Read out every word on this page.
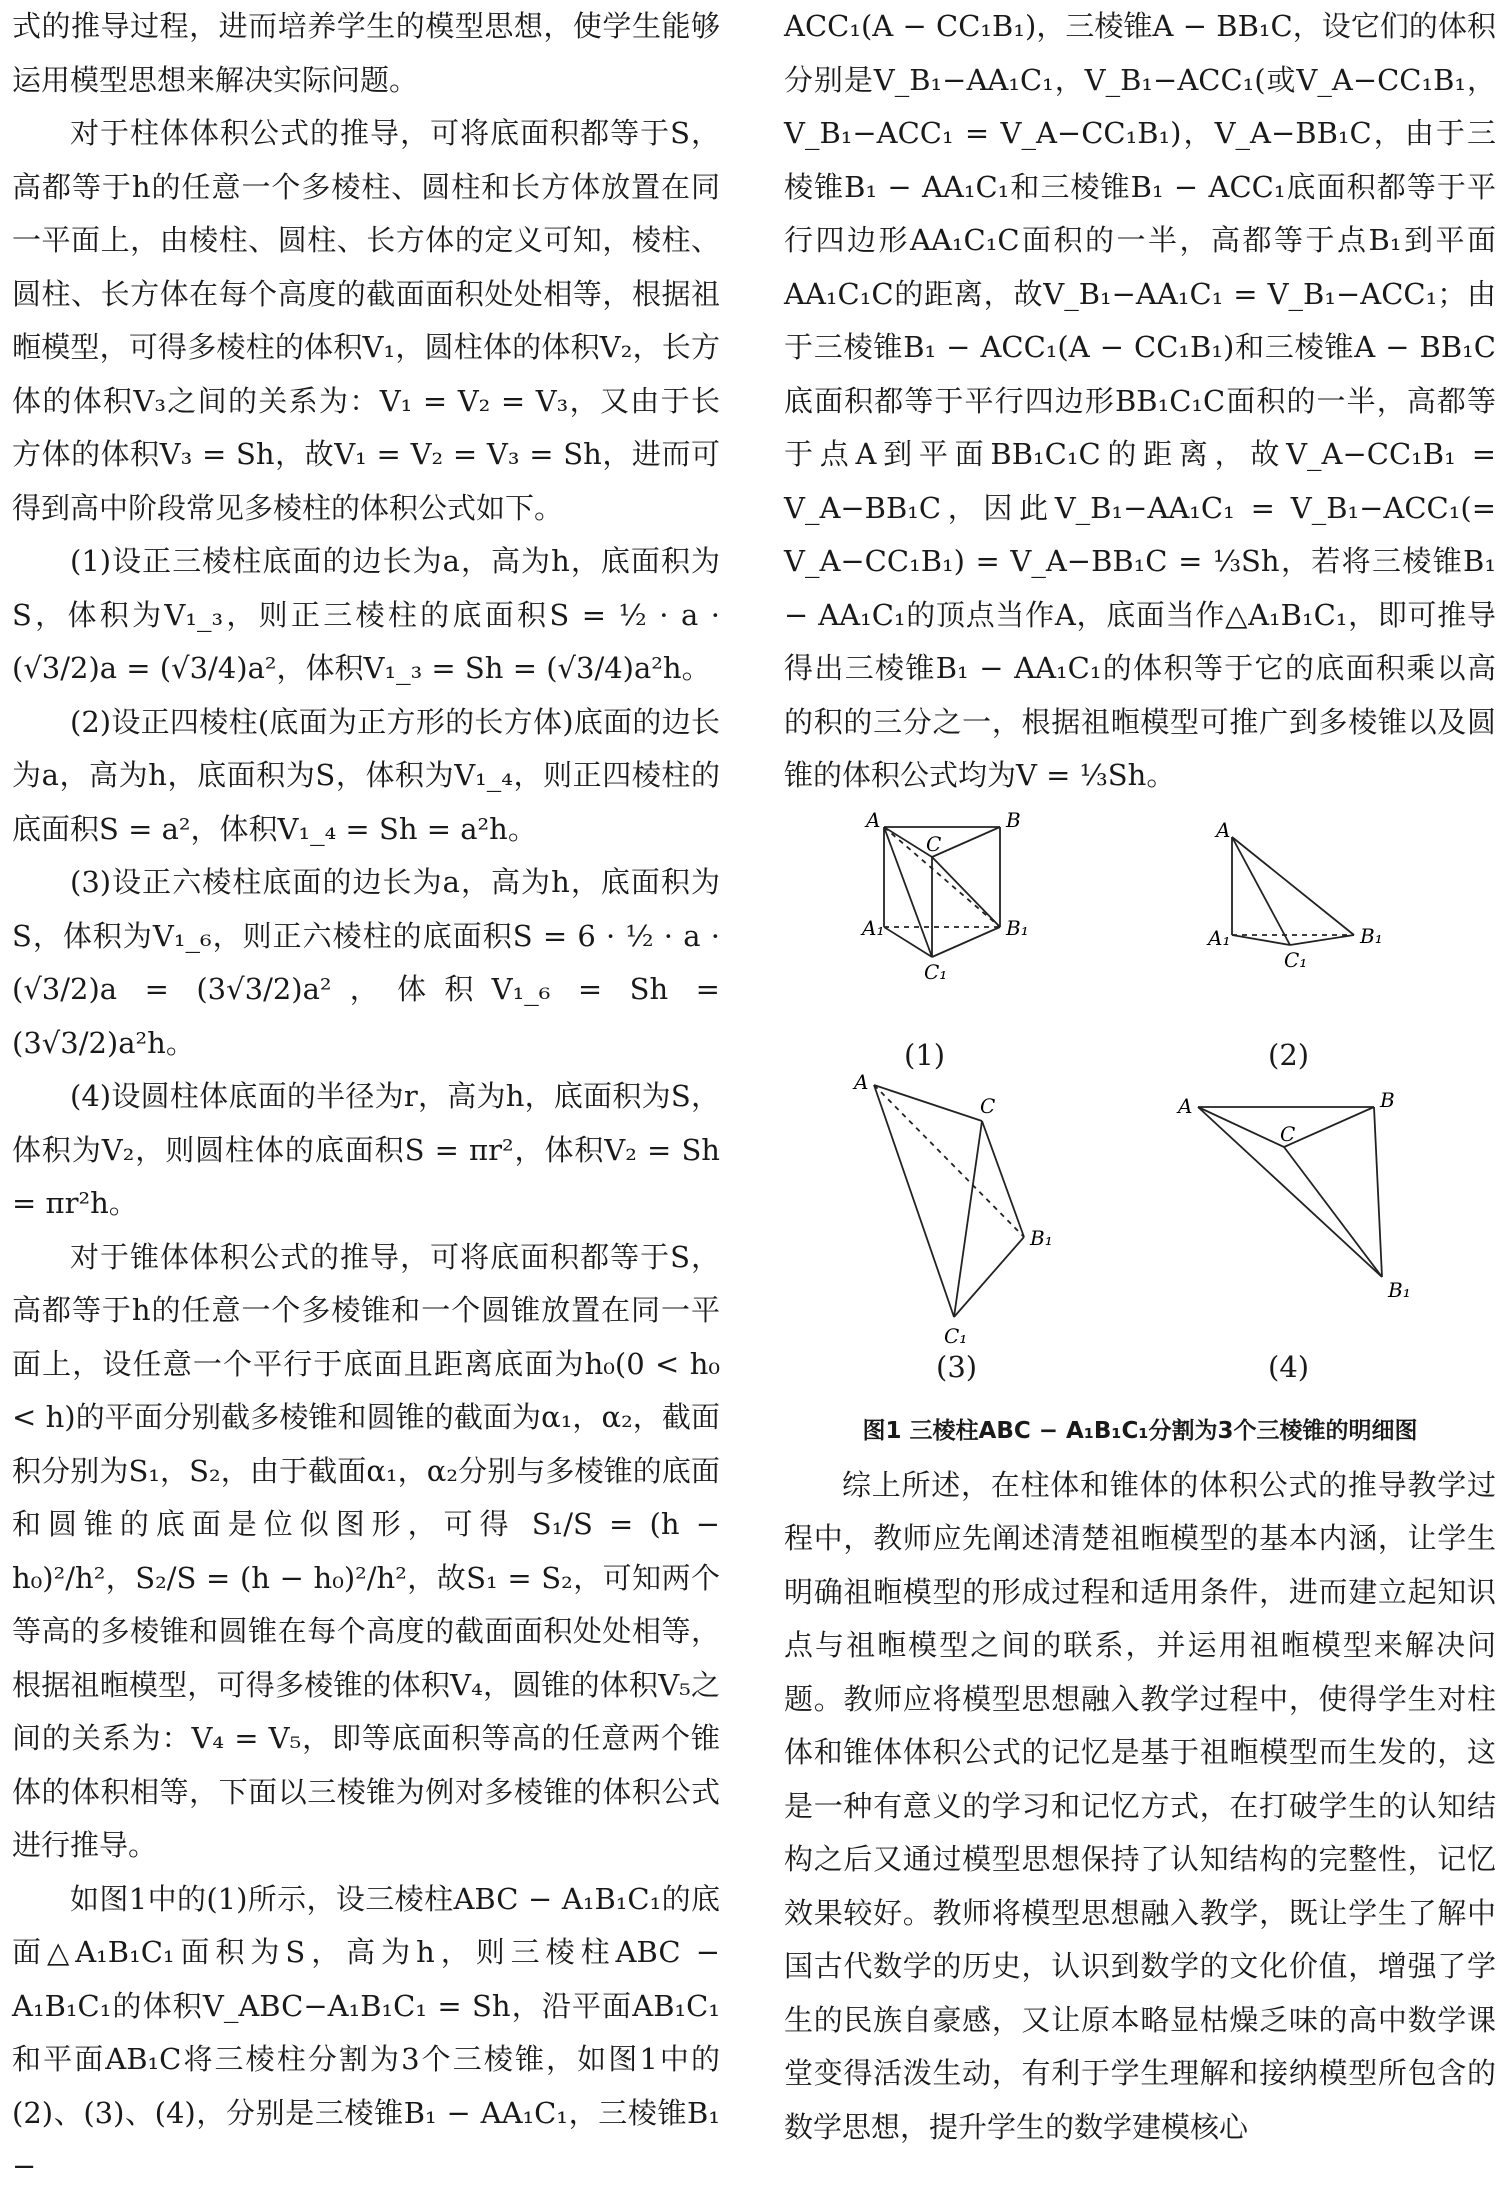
式的推导过程，进而培养学生的模型思想，使学生能够运用模型思想来解决实际问题。

对于柱体体积公式的推导，可将底面积都等于S，高都等于h的任意一个多棱柱、圆柱和长方体放置在同一平面上，由棱柱、圆柱、长方体的定义可知，棱柱、圆柱、长方体在每个高度的截面面积处处相等，根据祖暅模型，可得多棱柱的体积V₁，圆柱体的体积V₂，长方体的体积V₃之间的关系为：V₁ = V₂ = V₃，又由于长方体的体积V₃ = Sh，故V₁ = V₂ = V₃ = Sh，进而可得到高中阶段常见多棱柱的体积公式如下。

(1)设正三棱柱底面的边长为a，高为h，底面积为S，体积为V₁_₃，则正三棱柱的底面积S = ½ · a · (√3/2)a = (√3/4)a²，体积V₁_₃ = Sh = (√3/4)a²h。

(2)设正四棱柱(底面为正方形的长方体)底面的边长为a，高为h，底面积为S，体积为V₁_₄，则正四棱柱的底面积S = a²，体积V₁_₄ = Sh = a²h。

(3)设正六棱柱底面的边长为a，高为h，底面积为S，体积为V₁_₆，则正六棱柱的底面积S = 6 · ½ · a · (√3/2)a = (3√3/2)a²，体积V₁_₆ = Sh = (3√3/2)a²h。

(4)设圆柱体底面的半径为r，高为h，底面积为S，体积为V₂，则圆柱体的底面积S = πr²，体积V₂ = Sh = πr²h。

对于锥体体积公式的推导，可将底面积都等于S，高都等于h的任意一个多棱锥和一个圆锥放置在同一平面上，设任意一个平行于底面且距离底面为h₀(0 < h₀ < h)的平面分别截多棱锥和圆锥的截面为α₁，α₂，截面积分别为S₁，S₂，由于截面α₁，α₂分别与多棱锥的底面和圆锥的底面是位似图形，可得 S₁/S = (h − h₀)²/h²，S₂/S = (h − h₀)²/h²，故S₁ = S₂，可知两个等高的多棱锥和圆锥在每个高度的截面面积处处相等，根据祖暅模型，可得多棱锥的体积V₄，圆锥的体积V₅之间的关系为：V₄ = V₅，即等底面积等高的任意两个锥体的体积相等，下面以三棱锥为例对多棱锥的体积公式进行推导。

如图1中的(1)所示，设三棱柱ABC − A₁B₁C₁的底面△A₁B₁C₁面积为S，高为h，则三棱柱ABC − A₁B₁C₁的体积V_ABC−A₁B₁C₁ = Sh，沿平面AB₁C₁和平面AB₁C将三棱柱分割为3个三棱锥，如图1中的(2)、(3)、(4)，分别是三棱锥B₁ − AA₁C₁，三棱锥B₁ −

ACC₁(A − CC₁B₁)，三棱锥A − BB₁C，设它们的体积分别是V_B₁−AA₁C₁，V_B₁−ACC₁(或V_A−CC₁B₁，V_B₁−ACC₁ = V_A−CC₁B₁)，V_A−BB₁C，由于三棱锥B₁ − AA₁C₁和三棱锥B₁ − ACC₁底面积都等于平行四边形AA₁C₁C面积的一半，高都等于点B₁到平面AA₁C₁C的距离，故V_B₁−AA₁C₁ = V_B₁−ACC₁；由于三棱锥B₁ − ACC₁(A − CC₁B₁)和三棱锥A − BB₁C底面积都等于平行四边形BB₁C₁C面积的一半，高都等于点A到平面BB₁C₁C的距离，故V_A−CC₁B₁ = V_A−BB₁C，因此V_B₁−AA₁C₁ = V_B₁−ACC₁(= V_A−CC₁B₁) = V_A−BB₁C = ⅓Sh，若将三棱锥B₁ − AA₁C₁的顶点当作A，底面当作△A₁B₁C₁，即可推导得出三棱锥B₁ − AA₁C₁的体积等于它的底面积乘以高的积的三分之一，根据祖暅模型可推广到多棱锥以及圆锥的体积公式均为V = ⅓Sh。

A	B
C
A₁	B₁
C₁
A
A₁	B₁
C₁
A
C
B₁
C₁
A	B
C
B₁
(1)	(2)
(3)	(4)

图1 三棱柱ABC − A₁B₁C₁分割为3个三棱锥的明细图

综上所述，在柱体和锥体的体积公式的推导教学过程中，教师应先阐述清楚祖暅模型的基本内涵，让学生明确祖暅模型的形成过程和适用条件，进而建立起知识点与祖暅模型之间的联系，并运用祖暅模型来解决问题。教师应将模型思想融入教学过程中，使得学生对柱体和锥体体积公式的记忆是基于祖暅模型而生发的，这是一种有意义的学习和记忆方式，在打破学生的认知结构之后又通过模型思想保持了认知结构的完整性，记忆效果较好。教师将模型思想融入教学，既让学生了解中国古代数学的历史，认识到数学的文化价值，增强了学生的民族自豪感，又让原本略显枯燥乏味的高中数学课堂变得活泼生动，有利于学生理解和接纳模型所包含的数学思想，提升学生的数学建模核心
